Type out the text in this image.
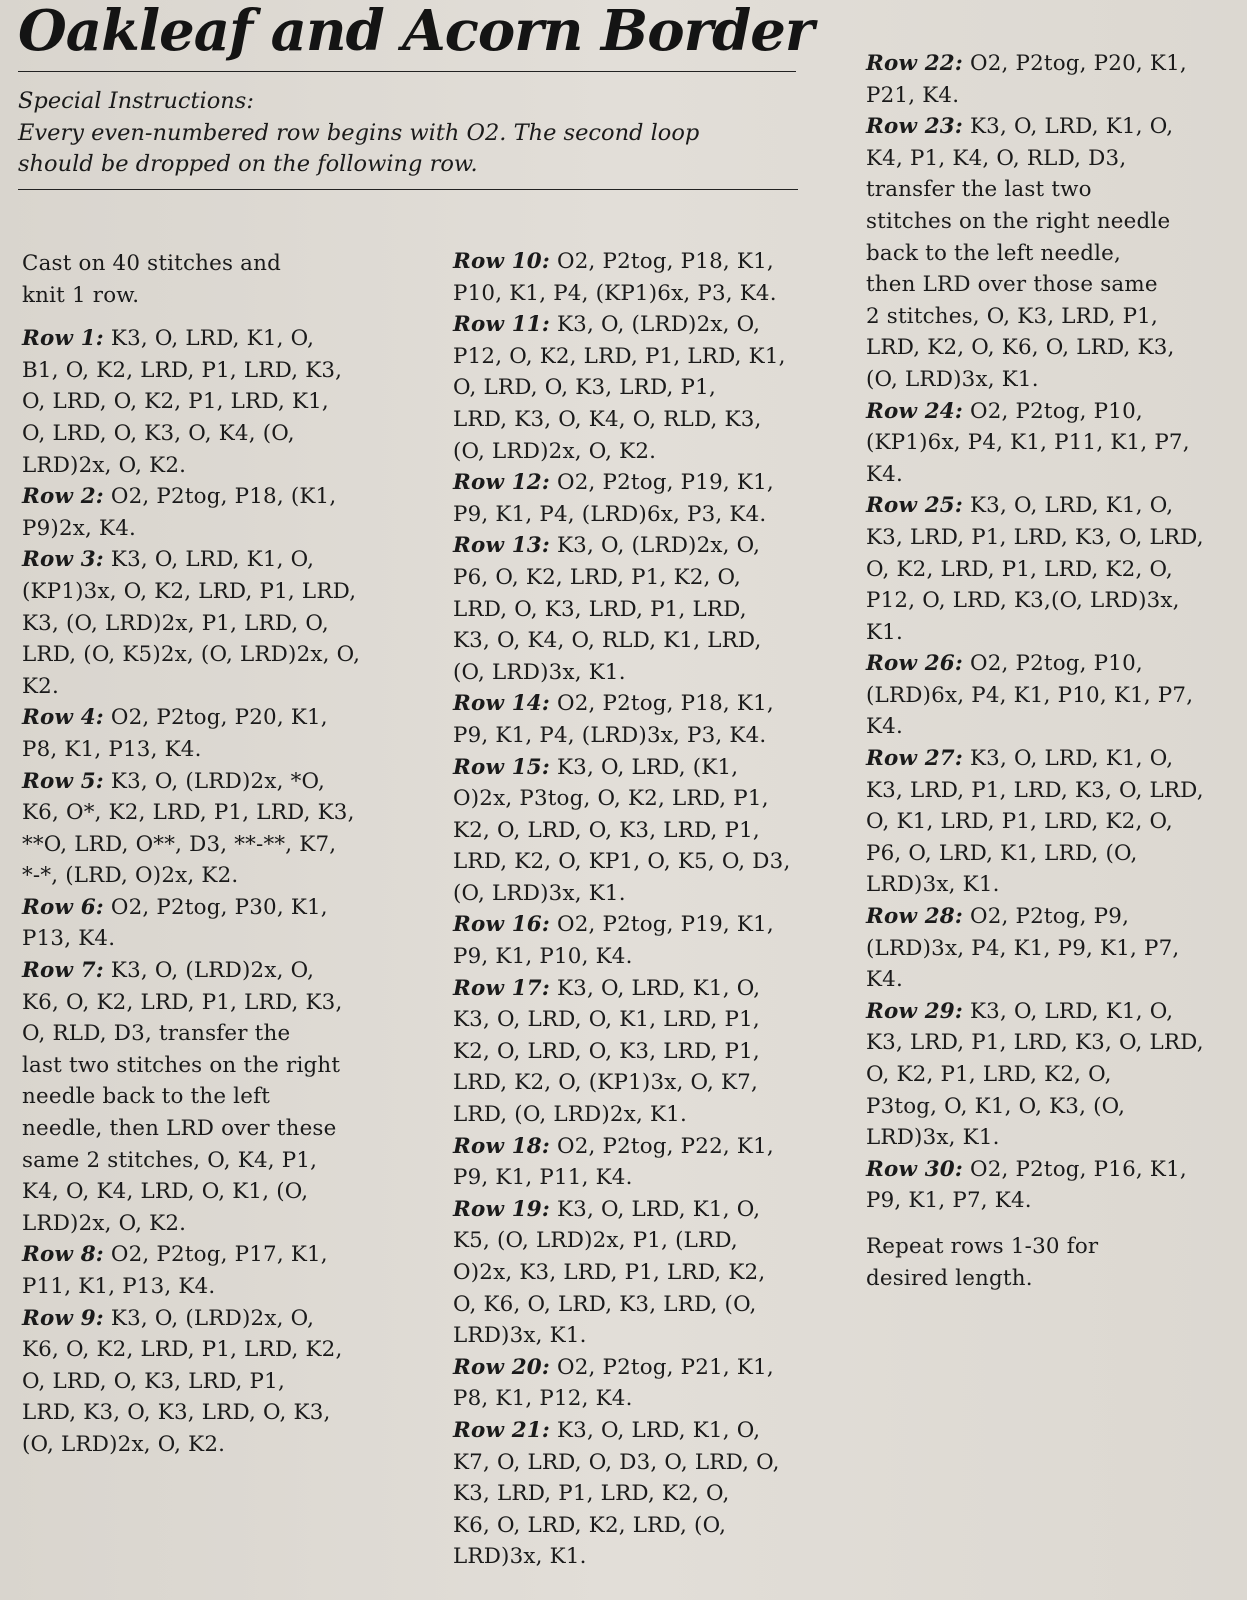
Oakleaf and Acorn Border
Special Instructions:
Every even-numbered row begins with O2. The second loop
should be dropped on the following row.
Cast on 40 stitches and
knit 1 row.
Row 1: K3, O, LRD, K1, O,
B1, O, K2, LRD, P1, LRD, K3,
O, LRD, O, K2, P1, LRD, K1,
O, LRD, O, K3, O, K4, (O,
LRD)2x, O, K2.
Row 2: O2, P2tog, P18, (K1,
P9)2x, K4.
Row 3: K3, O, LRD, K1, O,
(KP1)3x, O, K2, LRD, P1, LRD,
K3, (O, LRD)2x, P1, LRD, O,
LRD, (O, K5)2x, (O, LRD)2x, O,
K2.
Row 4: O2, P2tog, P20, K1,
P8, K1, P13, K4.
Row 5: K3, O, (LRD)2x, *O,
K6, O*, K2, LRD, P1, LRD, K3,
**O, LRD, O**, D3, **-**, K7,
*-*, (LRD, O)2x, K2.
Row 6: O2, P2tog, P30, K1,
P13, K4.
Row 7: K3, O, (LRD)2x, O,
K6, O, K2, LRD, P1, LRD, K3,
O, RLD, D3, transfer the
last two stitches on the right
needle back to the left
needle, then LRD over these
same 2 stitches, O, K4, P1,
K4, O, K4, LRD, O, K1, (O,
LRD)2x, O, K2.
Row 8: O2, P2tog, P17, K1,
P11, K1, P13, K4.
Row 9: K3, O, (LRD)2x, O,
K6, O, K2, LRD, P1, LRD, K2,
O, LRD, O, K3, LRD, P1,
LRD, K3, O, K3, LRD, O, K3,
(O, LRD)2x, O, K2.
Row 10: O2, P2tog, P18, K1,
P10, K1, P4, (KP1)6x, P3, K4.
Row 11: K3, O, (LRD)2x, O,
P12, O, K2, LRD, P1, LRD, K1,
O, LRD, O, K3, LRD, P1,
LRD, K3, O, K4, O, RLD, K3,
(O, LRD)2x, O, K2.
Row 12: O2, P2tog, P19, K1,
P9, K1, P4, (LRD)6x, P3, K4.
Row 13: K3, O, (LRD)2x, O,
P6, O, K2, LRD, P1, K2, O,
LRD, O, K3, LRD, P1, LRD,
K3, O, K4, O, RLD, K1, LRD,
(O, LRD)3x, K1.
Row 14: O2, P2tog, P18, K1,
P9, K1, P4, (LRD)3x, P3, K4.
Row 15: K3, O, LRD, (K1,
O)2x, P3tog, O, K2, LRD, P1,
K2, O, LRD, O, K3, LRD, P1,
LRD, K2, O, KP1, O, K5, O, D3,
(O, LRD)3x, K1.
Row 16: O2, P2tog, P19, K1,
P9, K1, P10, K4.
Row 17: K3, O, LRD, K1, O,
K3, O, LRD, O, K1, LRD, P1,
K2, O, LRD, O, K3, LRD, P1,
LRD, K2, O, (KP1)3x, O, K7,
LRD, (O, LRD)2x, K1.
Row 18: O2, P2tog, P22, K1,
P9, K1, P11, K4.
Row 19: K3, O, LRD, K1, O,
K5, (O, LRD)2x, P1, (LRD,
O)2x, K3, LRD, P1, LRD, K2,
O, K6, O, LRD, K3, LRD, (O,
LRD)3x, K1.
Row 20: O2, P2tog, P21, K1,
P8, K1, P12, K4.
Row 21: K3, O, LRD, K1, O,
K7, O, LRD, O, D3, O, LRD, O,
K3, LRD, P1, LRD, K2, O,
K6, O, LRD, K2, LRD, (O,
LRD)3x, K1.
Row 22: O2, P2tog, P20, K1,
P21, K4.
Row 23: K3, O, LRD, K1, O,
K4, P1, K4, O, RLD, D3,
transfer the last two
stitches on the right needle
back to the left needle,
then LRD over those same
2 stitches, O, K3, LRD, P1,
LRD, K2, O, K6, O, LRD, K3,
(O, LRD)3x, K1.
Row 24: O2, P2tog, P10,
(KP1)6x, P4, K1, P11, K1, P7,
K4.
Row 25: K3, O, LRD, K1, O,
K3, LRD, P1, LRD, K3, O, LRD,
O, K2, LRD, P1, LRD, K2, O,
P12, O, LRD, K3,(O, LRD)3x,
K1.
Row 26: O2, P2tog, P10,
(LRD)6x, P4, K1, P10, K1, P7,
K4.
Row 27: K3, O, LRD, K1, O,
K3, LRD, P1, LRD, K3, O, LRD,
O, K1, LRD, P1, LRD, K2, O,
P6, O, LRD, K1, LRD, (O,
LRD)3x, K1.
Row 28: O2, P2tog, P9,
(LRD)3x, P4, K1, P9, K1, P7,
K4.
Row 29: K3, O, LRD, K1, O,
K3, LRD, P1, LRD, K3, O, LRD,
O, K2, P1, LRD, K2, O,
P3tog, O, K1, O, K3, (O,
LRD)3x, K1.
Row 30: O2, P2tog, P16, K1,
P9, K1, P7, K4.
Repeat rows 1-30 for
desired length.
